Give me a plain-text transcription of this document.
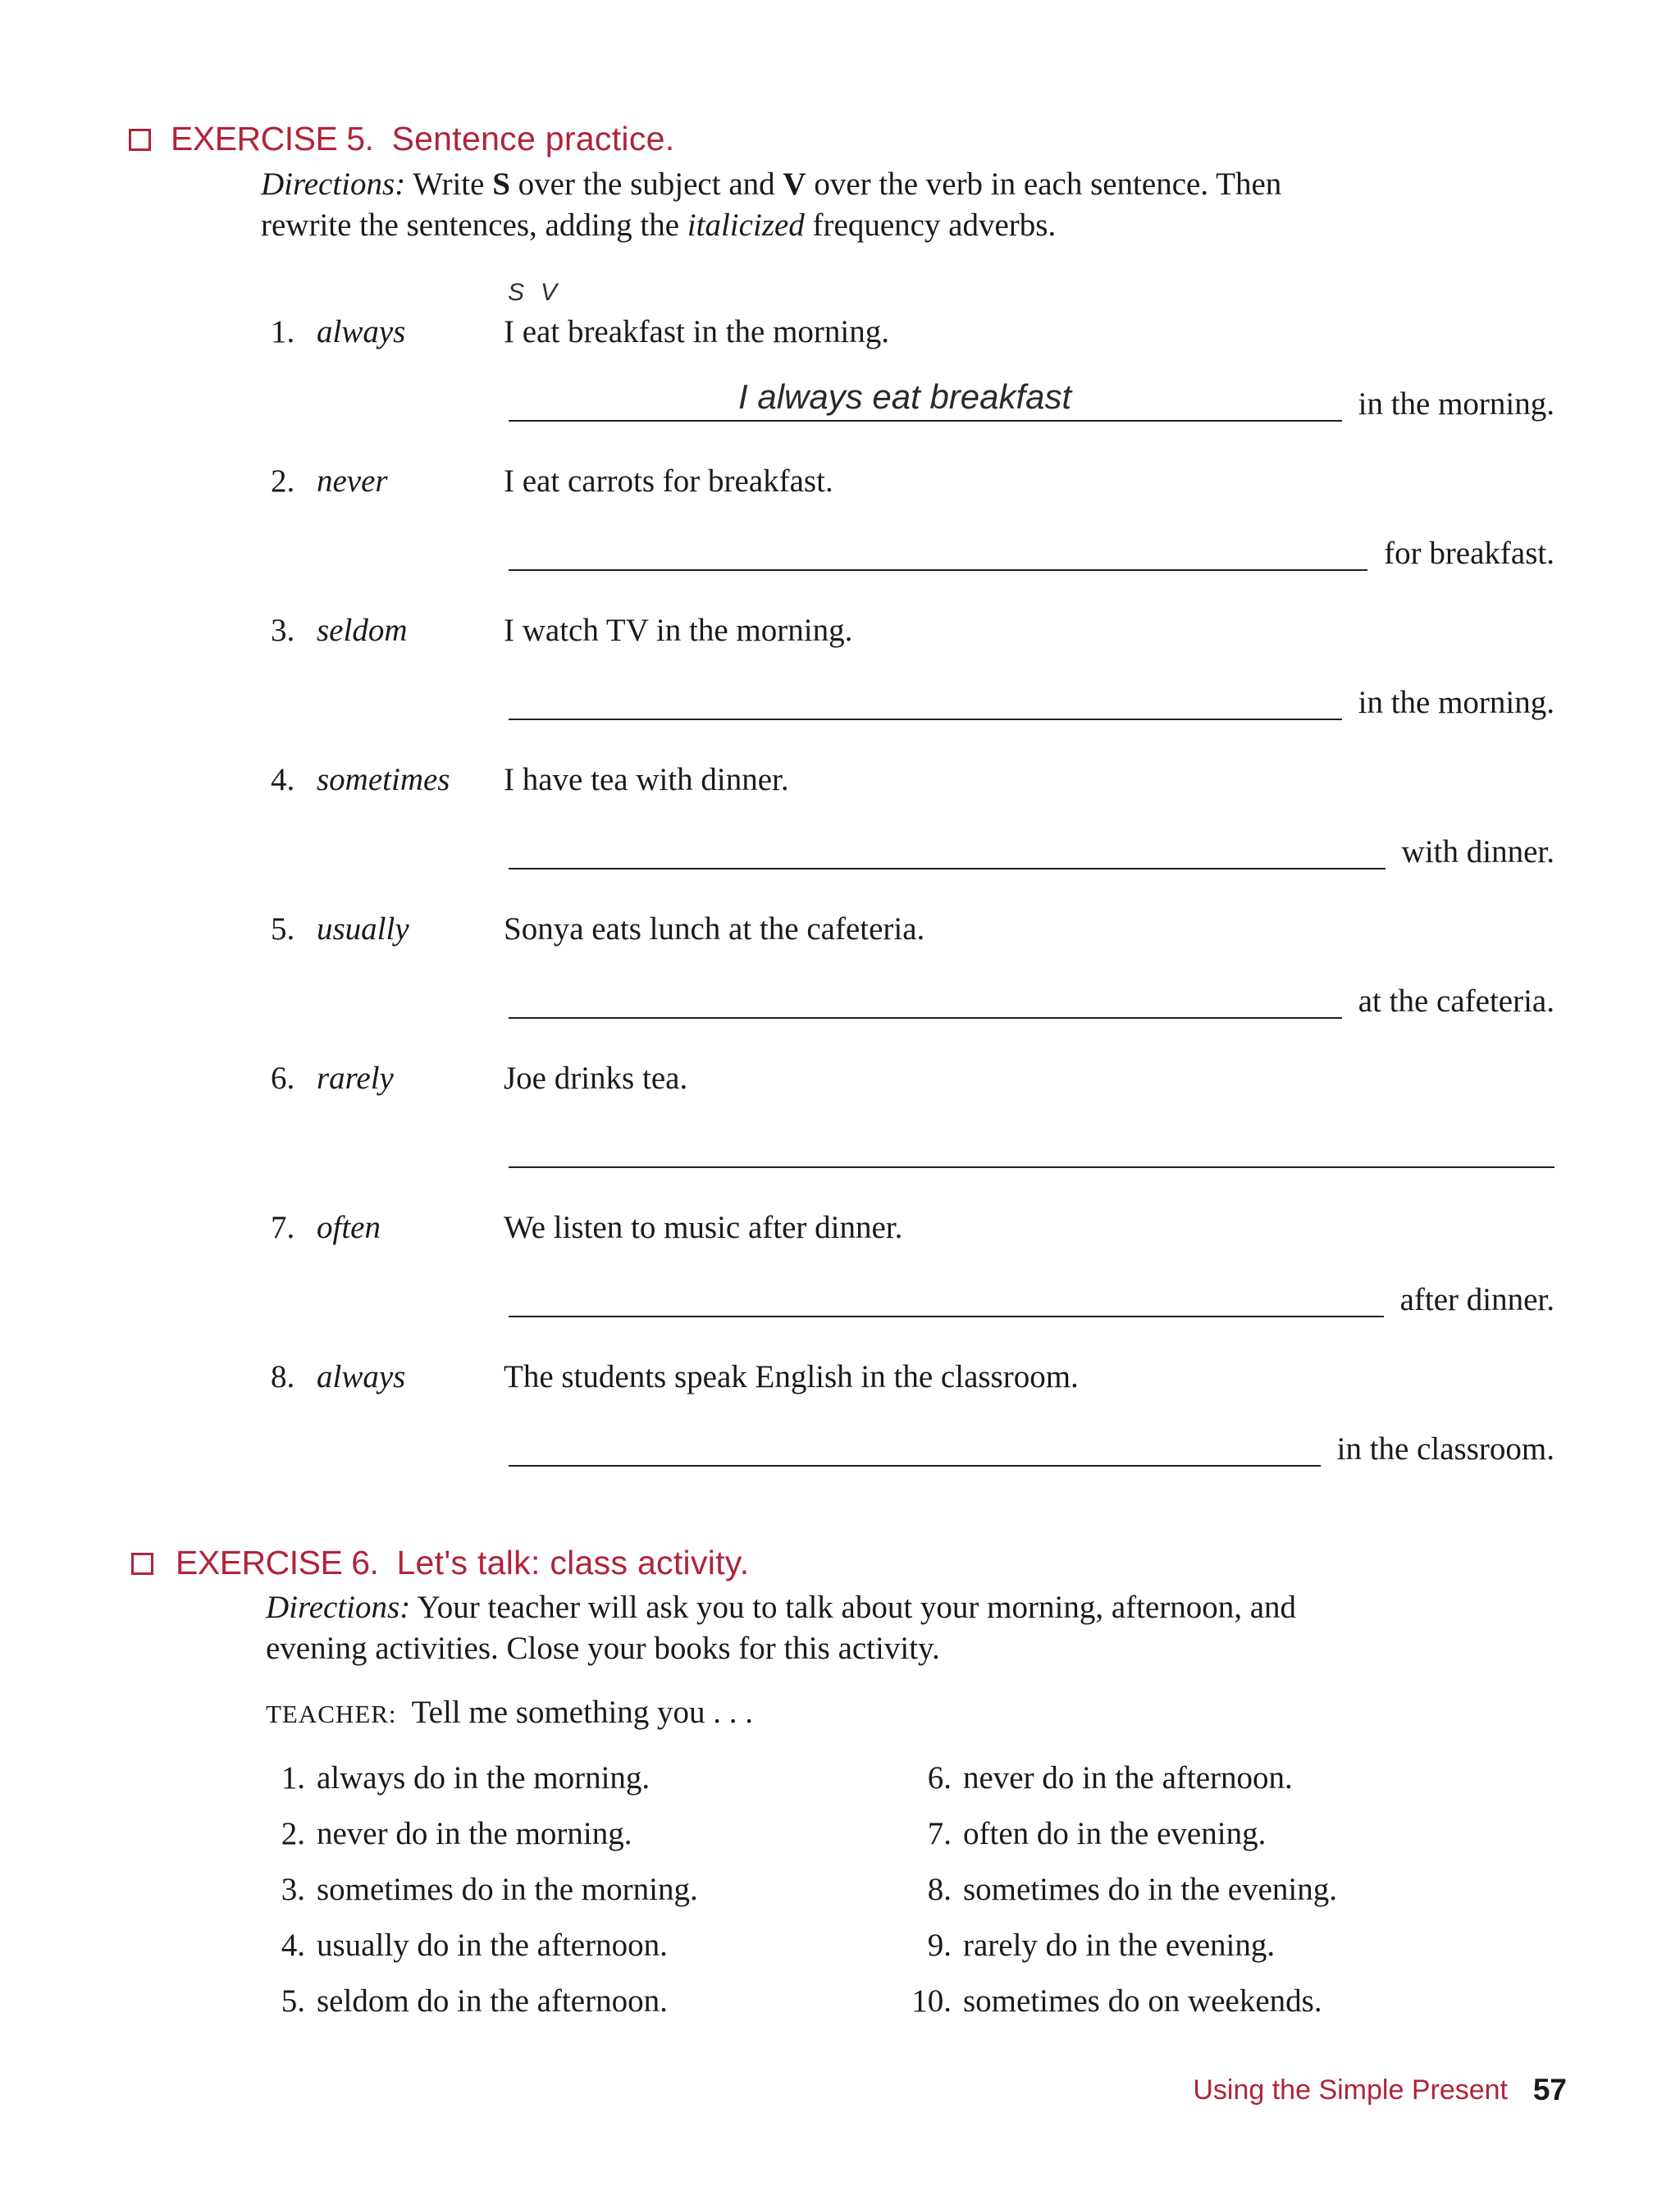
EXERCISE 5. Sentence practice.
Directions: Write S over the subject and V over the verb in each sentence. Then
rewrite the sentences, adding the italicized frequency adverbs.
S V
1. always	I eat breakfast in the morning.
in the morning.
I always eat breakfast
2. never	I eat carrots for breakfast.
for breakfast.
3. seldom	I watch TV in the morning.
in the morning.
4. sometimes I have tea with dinner.
with dinner.
5. usually	Sonya eats lunch at the cafeteria.
at the cafeteria.
6. rarely	Joe drinks tea.
7. often	We listen to music after dinner.
after dinner.
8. always	The students speak English in the classroom.
in the classroom.
EXERCISE 6. Let's talk: class activity.
Directions: Your teacher will ask you to talk about your morning, afternoon, and
evening activities. Close your books for this activity.
TEACHER: Tell me something you . . .
1. always do in the morning.
2. never do in the morning.
3. sometimes do in the morning.
4. usually do in the afternoon.
5. seldom do in the afternoon.
6. never do in the afternoon.
7. often do in the evening.
8. sometimes do in the evening.
9. rarely do in the evening.
10. sometimes do on weekends.
Using the Simple Present 57
